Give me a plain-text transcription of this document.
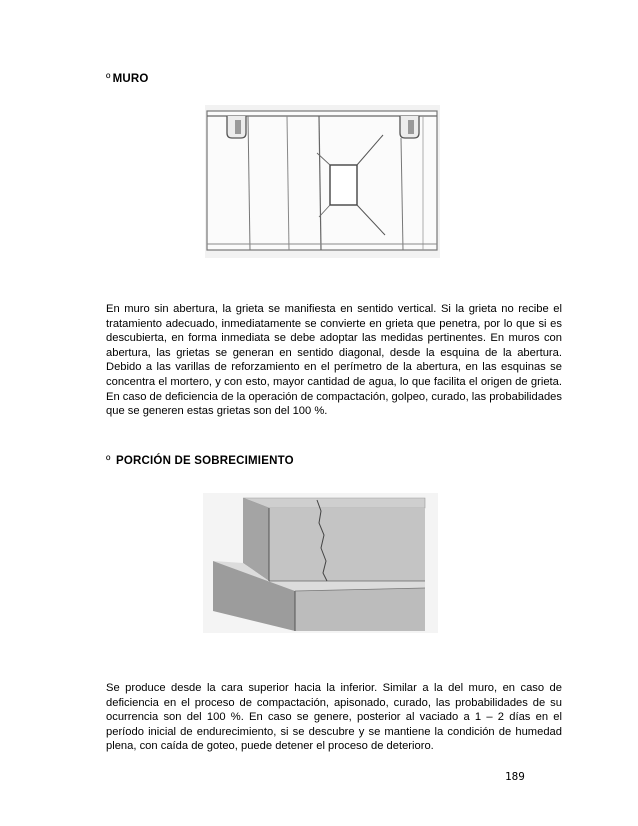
º MURO
En muro sin abertura, la grieta se manifiesta en sentido vertical. Si la grieta no recibe el tratamiento adecuado, inmediatamente se convierte en grieta que penetra, por lo que si es descubierta, en forma inmediata se debe adoptar las medidas pertinentes. En muros con abertura, las grietas se generan en sentido diagonal, desde la esquina de la abertura. Debido a las varillas de reforzamiento en el perímetro de la abertura, en las esquinas se concentra el mortero, y con esto, mayor cantidad de agua, lo que facilita el origen de grieta. En caso de deficiencia de la operación de compactación, golpeo, curado, las probabilidades que se generen estas grietas son del 100 %.
º PORCIÓN DE SOBRECIMIENTO
Se produce desde la cara superior hacia la inferior. Similar a la del muro, en caso de deficiencia en el proceso de compactación, apisonado, curado, las probabilidades de su ocurrencia son del 100 %. En caso se genere, posterior al vaciado a 1 – 2 días en el período inicial de endurecimiento, si se descubre y se mantiene la condición de humedad plena, con caída de goteo, puede detener el proceso de deterioro.
189
